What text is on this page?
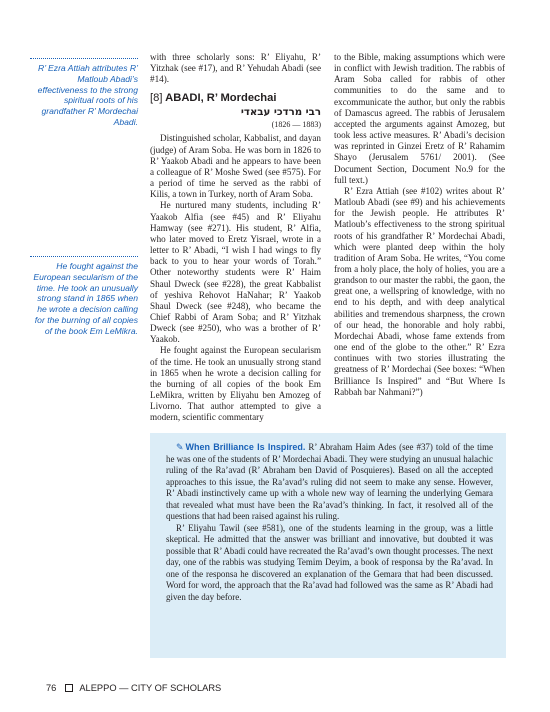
R’ Ezra Attiah attributes R’ Matloub Abadi’s effectiveness to the strong spiritual roots of his grandfather R’ Mordechai Abadi.

He fought against the European secularism of the time. He took an unusually strong stand in 1865 when he wrote a decision calling for the burning of all copies of the book Em LeMikra.

with three scholarly sons: R’ Eliyahu, R’ Yitzhak (see #17), and R’ Yehudah Abadi (see #14).

[8] ABADI, R’ Mordechai
רבי מרדכי עבאדי

(1826 — 1883)

Distinguished scholar, Kabbalist, and dayan (judge) of Aram Soba. He was born in 1826 to R’ Yaakob Abadi and he appears to have been a colleague of R’ Moshe Swed (see #575). For a period of time he served as the rabbi of Kilis, a town in Turkey, north of Aram Soba.

He nurtured many students, including R’ Yaakob Alfia (see #45) and R’ Eliyahu Hamway (see #271). His student, R’ Alfia, who later moved to Eretz Yisrael, wrote in a letter to R’ Abadi, “I wish I had wings to fly back to you to hear your words of Torah.” Other noteworthy students were R’ Haim Shaul Dweck (see #228), the great Kabbalist of yeshiva Rehovot HaNahar; R’ Yaakob Shaul Dweck (see #248), who became the Chief Rabbi of Aram Soba; and R’ Yitzhak Dweck (see #250), who was a brother of R’ Yaakob.

He fought against the European secularism of the time. He took an unusually strong stand in 1865 when he wrote a decision calling for the burning of all copies of the book Em LeMikra, written by Eliyahu ben Amozeg of Livorno. That author attempted to give a modern, scientific commentary

to the Bible, making assumptions which were in conflict with Jewish tradition. The rabbis of Aram Soba called for rabbis of other communities to do the same and to excommunicate the author, but only the rabbis of Damascus agreed. The rabbis of Jerusalem accepted the arguments against Amozeg, but took less active measures. R’ Abadi’s decision was reprinted in Ginzei Eretz of R’ Rahamim Shayo (Jerusalem 5761/ 2001). (See Document Section, Document No.9 for the full text.)

R’ Ezra Attiah (see #102) writes about R’ Matloub Abadi (see #9) and his achievements for the Jewish people. He attributes R’ Matloub’s effectiveness to the strong spiritual roots of his grandfather R’ Mordechai Abadi, which were planted deep within the holy tradition of Aram Soba. He writes, “You come from a holy place, the holy of holies, you are a grandson to our master the rabbi, the gaon, the great one, a wellspring of knowledge, with no end to his depth, and with deep analytical abilities and tremendous sharpness, the crown of our head, the honorable and holy rabbi, Mordechai Abadi, whose fame extends from one end of the globe to the other.” R’ Ezra continues with two stories illustrating the greatness of R’ Mordechai (See boxes: “When Brilliance Is Inspired” and “But Where Is Rabbah bar Nahmani?”)

✎ When Brilliance Is Inspired. R’ Abraham Haim Ades (see #37) told of the time he was one of the students of R’ Mordechai Abadi. They were studying an unusual halachic ruling of the Ra’avad (R’ Abraham ben David of Posquieres). Based on all the accepted approaches to this issue, the Ra’avad’s ruling did not seem to make any sense. However, R’ Abadi instinctively came up with a whole new way of learning the underlying Gemara that revealed what must have been the Ra’avad’s thinking. In fact, it resolved all of the questions that had been raised against his ruling.

R’ Eliyahu Tawil (see #581), one of the students learning in the group, was a little skeptical. He admitted that the answer was brilliant and innovative, but doubted it was possible that R’ Abadi could have recreated the Ra’avad’s own thought processes. The next day, one of the rabbis was studying Temim Deyim, a book of responsa by the Ra’avad. In one of the responsa he discovered an explanation of the Gemara that had been discussed. Word for word, the approach that the Ra’avad had followed was the same as R’ Abadi had given the day before.

76 ALEPPO — CITY OF SCHOLARS
